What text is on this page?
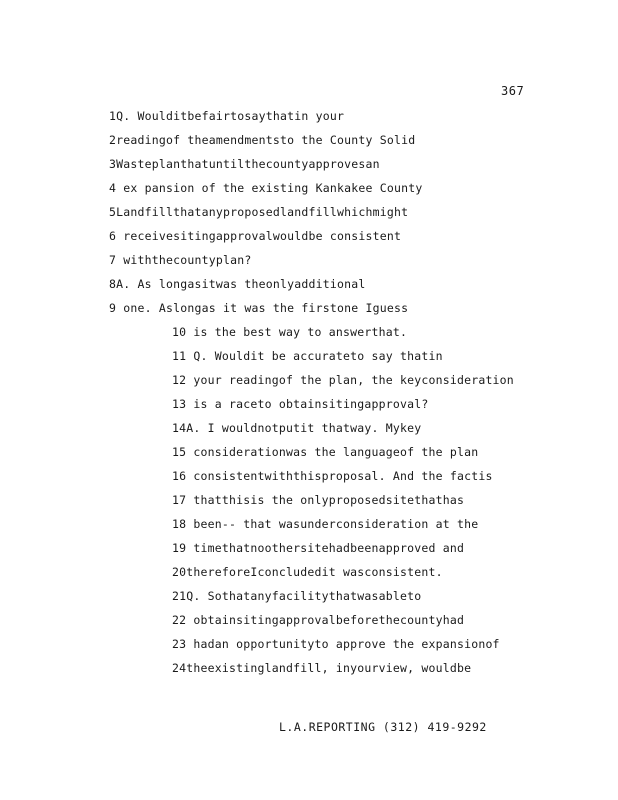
367
1Q. Woulditbefairtosaythatin your
2readingof theamendmentsto the County Solid
3Wasteplanthatuntilthecountyapprovesan
4 ex pansion of the existing Kankakee County
5Landfillthatanyproposedlandfillwhichmight
6 receivesitingapprovalwouldbe consistent
7 withthecountyplan?
8A. As longasitwas theonlyadditional
9 one. Aslongas it was the firstone Iguess
10 is the best way to answerthat.
11 Q. Wouldit be accurateto say thatin
12 your readingof the plan, the keyconsideration
13 is a raceto obtainsitingapproval?
14A. I wouldnotputit thatway. Mykey
15 considerationwas the languageof the plan
16 consistentwiththisproposal. And the factis
17 thatthisis the onlyproposedsitethathas
18 been-- that wasunderconsideration at the
19 timethatnoothersitehadbeenapproved and
20thereforeIconcludedit wasconsistent.
21Q. Sothatanyfacilitythatwasableto
22 obtainsitingapprovalbeforethecountyhad
23 hadan opportunityto approve the expansionof
24theexistinglandfill, inyourview, wouldbe
L.A.REPORTING (312) 419-9292
